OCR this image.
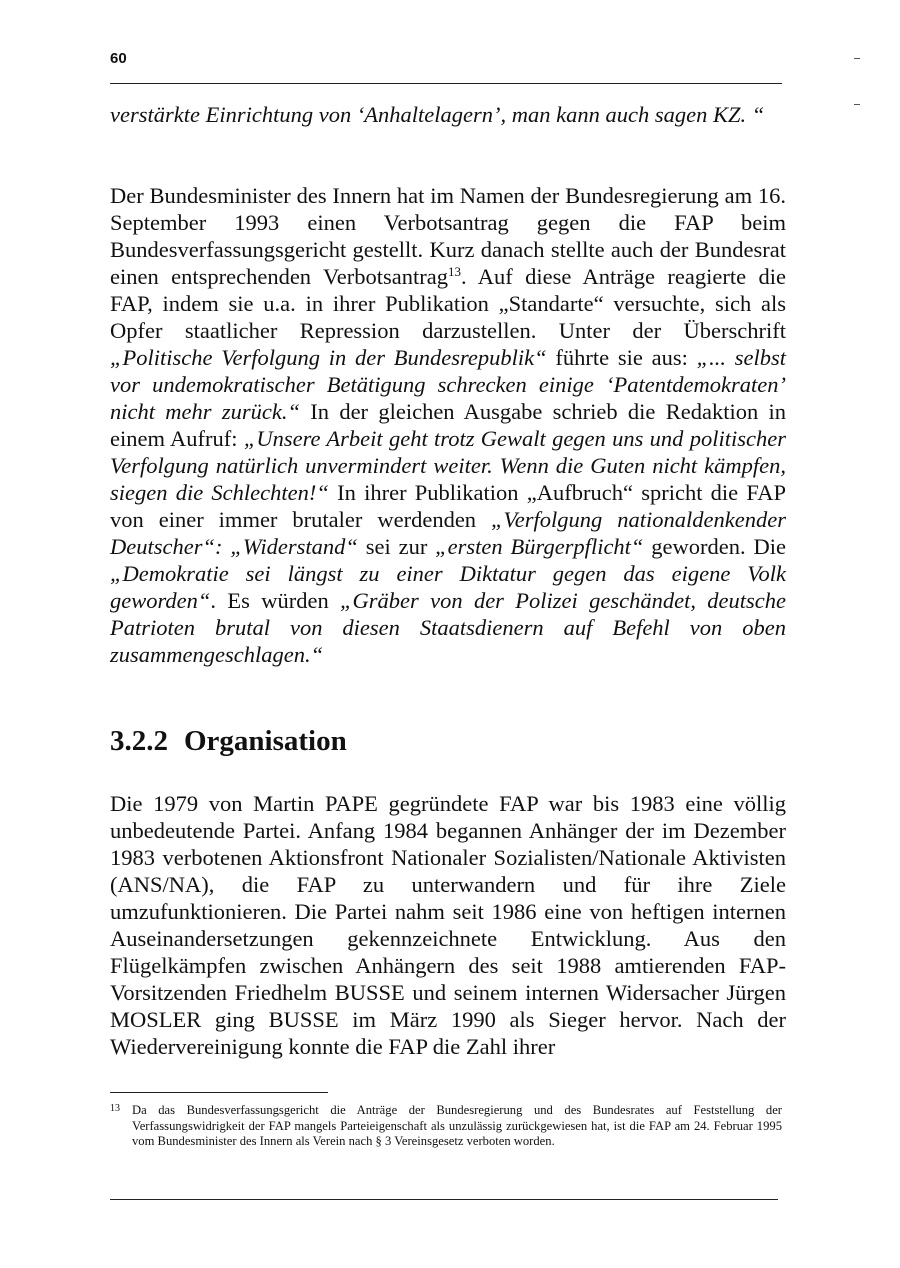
60

verstärkte Einrichtung von ‘Anhaltelagern’, man kann auch sagen KZ. “

Der Bundesminister des Innern hat im Namen der Bundesregierung am 16. September 1993 einen Verbotsantrag gegen die FAP beim Bundesverfassungsgericht gestellt. Kurz danach stellte auch der Bundesrat einen entsprechenden Verbotsantrag$^{13}$. Auf diese Anträge reagierte die FAP, indem sie u.a. in ihrer Publikation „Standarte“ versuchte, sich als Opfer staatlicher Repression darzustellen. Unter der Überschrift „Politische Verfolgung in der Bundesrepublik“ führte sie aus: „... selbst vor undemokratischer Betätigung schrecken einige ‘Patentdemokraten’ nicht mehr zurück.“ In der gleichen Ausgabe schrieb die Redaktion in einem Aufruf: „Unsere Arbeit geht trotz Gewalt gegen uns und politischer Verfolgung natürlich unvermindert weiter. Wenn die Guten nicht kämpfen, siegen die Schlechten!“ In ihrer Publikation „Aufbruch“ spricht die FAP von einer immer brutaler werdenden „Verfolgung nationaldenkender Deutscher“: „Widerstand“ sei zur „ersten Bürgerpflicht“ geworden. Die „Demokratie sei längst zu einer Diktatur gegen das eigene Volk geworden“. Es würden „Gräber von der Polizei geschändet, deutsche Patrioten brutal von diesen Staatsdienern auf Befehl von oben zusammengeschlagen.“

3.2.2 Organisation

Die 1979 von Martin PAPE gegründete FAP war bis 1983 eine völlig unbedeutende Partei. Anfang 1984 begannen Anhänger der im Dezember 1983 verbotenen Aktionsfront Nationaler Sozialisten/Nationale Aktivisten (ANS/NA), die FAP zu unterwandern und für ihre Ziele umzufunktionieren. Die Partei nahm seit 1986 eine von heftigen internen Auseinandersetzungen gekennzeichnete Entwicklung. Aus den Flügelkämpfen zwischen Anhängern des seit 1988 amtierenden FAP-Vorsitzenden Friedhelm BUSSE und seinem internen Widersacher Jürgen MOSLER ging BUSSE im März 1990 als Sieger hervor. Nach der Wiedervereinigung konnte die FAP die Zahl ihrer

13 Da das Bundesverfassungsgericht die Anträge der Bundesregierung und des Bundesrates auf Feststellung der Verfassungswidrigkeit der FAP mangels Parteieigenschaft als unzulässig zurückgewiesen hat, ist die FAP am 24. Februar 1995 vom Bundesminister des Innern als Verein nach § 3 Vereinsgesetz verboten worden.
